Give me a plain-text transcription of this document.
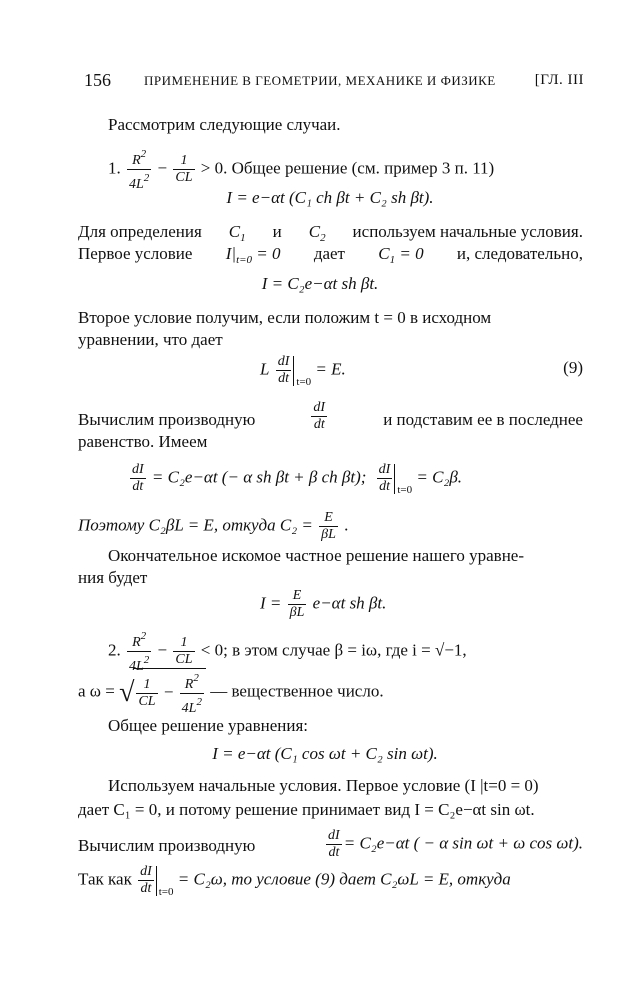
156	ПРИМЕНЕНИЕ В ГЕОМЕТРИИ, МЕХАНИКЕ И ФИЗИКЕ	[ГЛ. III
Рассмотрим следующие случаи.
1. $\frac{R^2}{4L^2} - \frac{1}{CL} > 0$. Общее решение (см. пример 3 п. 11)
I = e−αt (C₁ ch βt + C₂ sh βt).
Для определения $C_1$ и $C_2$ используем начальные условия.
Первое условие $I|_{t=0} = 0$ дает $C_1 = 0$ и, следовательно,
I = C₂e−αt sh βt.
Второе условие получим, если положим t = 0 в исходном
уравнении, что дает
L $\frac{dI}{dt} _{t=0} = E$.	(9)
Вычислим производную	$\frac{dI}{dt}$	и подставим ее в последнее
равенство. Имеем
$\frac{dI}{dt} = C_2e-\alpha t$ (− α sh βt + β ch βt); $\frac{dI}{dt} _{t=0} = C_2\beta$.
Поэтому C₂βL = E, откуда $C_2 = \frac{E}{\beta L}$ .
Окончательное искомое частное решение нашего уравне-
ния будет
$I = \frac{E}{\beta L} e-\alpha t$ sh βt.
2. $\frac{R^2}{4L^2} - \frac{1}{CL} < 0$; в этом случае β = iω, где i = √−1,
а ω = √ $\frac{1}{CL} - \frac{R^2}{4L^2}$ — вещественное число.
Общее решение уравнения:
I = e−αt (C₁ cos ωt + C₂ sin ωt).
Используем начальные условия. Первое условие (I |t=0 = 0)
дает C₁ = 0, и потому решение принимает вид I = C₂e−αt sin ωt.
Вычислим производную	$\frac{dI}{dt} = C_2e-\alpha t$ ( − α sin ωt + ω cos ωt).
Так как $\frac{dI}{dt} _{t=0} = C_2\omega$, то условие (9) дает C₂ωL = E, откуда
